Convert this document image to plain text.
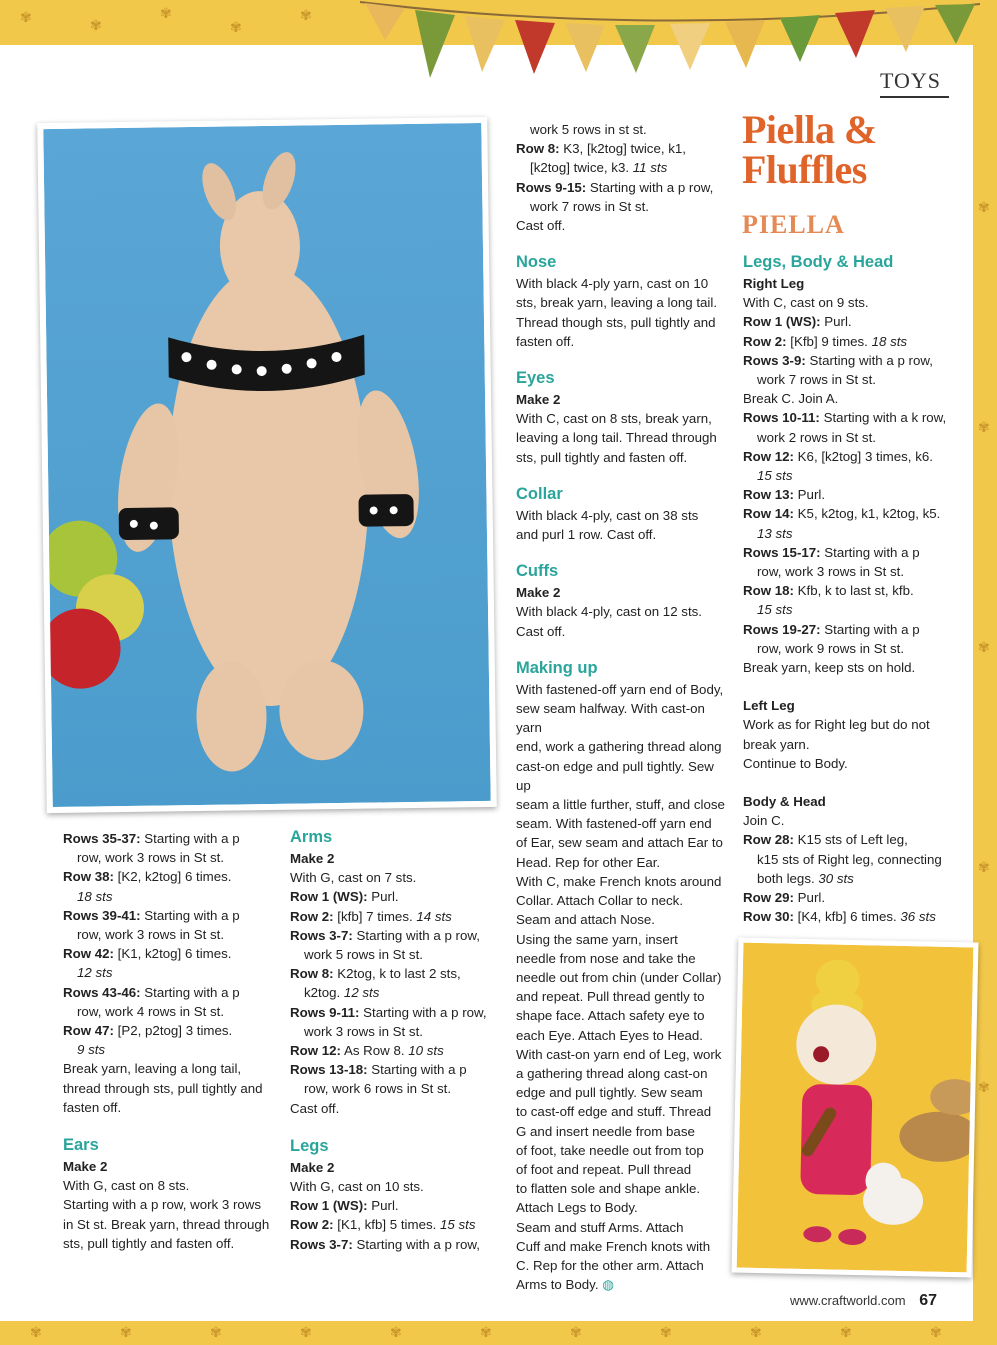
✾	✾
✾
✾
✾
✾	✾	✾	✾	✾	✾	✾	✾	✾	✾	✾
✾
✾
✾
✾
✾
TOYS
Piella &
Fluffles
PIELLA

Rows 35-37: Starting with a p

row, work 3 rows in St st.

Row 38: [K2, k2tog] 6 times.

18 sts

Rows 39-41: Starting with a p

row, work 3 rows in St st.

Row 42: [K1, k2tog] 6 times.

12 sts

Rows 43-46: Starting with a p

row, work 4 rows in St st.

Row 47: [P2, p2tog] 3 times.

9 sts

Break yarn, leaving a long tail,

thread through sts, pull tightly and

fasten off.

Ears

Make 2

With G, cast on 8 sts.

Starting with a p row, work 3 rows

in St st. Break yarn, thread through

sts, pull tightly and fasten off.

Arms

Make 2

With G, cast on 7 sts.

Row 1 (WS): Purl.

Row 2: [kfb] 7 times. 14 sts

Rows 3-7: Starting with a p row,

work 5 rows in St st.

Row 8: K2tog, k to last 2 sts,

k2tog. 12 sts

Rows 9-11: Starting with a p row,

work 3 rows in St st.

Row 12: As Row 8. 10 sts

Rows 13-18: Starting with a p

row, work 6 rows in St st.

Cast off.

Legs

Make 2

With G, cast on 10 sts.

Row 1 (WS): Purl.

Row 2: [K1, kfb] 5 times. 15 sts

Rows 3-7: Starting with a p row,

work 5 rows in st st.

Row 8: K3, [k2tog] twice, k1,

[k2tog] twice, k3. 11 sts

Rows 9-15: Starting with a p row,

work 7 rows in St st.

Cast off.

Nose

With black 4-ply yarn, cast on 10

sts, break yarn, leaving a long tail.

Thread though sts, pull tightly and

fasten off.

Eyes

Make 2

With C, cast on 8 sts, break yarn,

leaving a long tail. Thread through

sts, pull tightly and fasten off.

Collar

With black 4-ply, cast on 38 sts

and purl 1 row. Cast off.

Cuffs

Make 2

With black 4-ply, cast on 12 sts.

Cast off.

Making up

With fastened-off yarn end of Body,

sew seam halfway. With cast-on yarn

end, work a gathering thread along

cast-on edge and pull tightly. Sew up

seam a little further, stuff, and close

seam. With fastened-off yarn end

of Ear, sew seam and attach Ear to

Head. Rep for other Ear.

With C, make French knots around

Collar. Attach Collar to neck.

Seam and attach Nose.

Using the same yarn, insert

needle from nose and take the

needle out from chin (under Collar)

and repeat. Pull thread gently to

shape face. Attach safety eye to

each Eye. Attach Eyes to Head.

With cast-on yarn end of Leg, work

a gathering thread along cast-on

edge and pull tightly. Sew seam

to cast-off edge and stuff. Thread

G and insert needle from base

of foot, take needle out from top

of foot and repeat. Pull thread

to flatten sole and shape ankle.

Attach Legs to Body.

Seam and stuff Arms. Attach

Cuff and make French knots with

C. Rep for the other arm. Attach

Arms to Body. ◍

Legs, Body & Head

Right Leg

With C, cast on 9 sts.

Row 1 (WS): Purl.

Row 2: [Kfb] 9 times. 18 sts

Rows 3-9: Starting with a p row,

work 7 rows in St st.

Break C. Join A.

Rows 10-11: Starting with a k row,

work 2 rows in St st.

Row 12: K6, [k2tog] 3 times, k6.

15 sts

Row 13: Purl.

Row 14: K5, k2tog, k1, k2tog, k5.

13 sts

Rows 15-17: Starting with a p

row, work 3 rows in St st.

Row 18: Kfb, k to last st, kfb.

15 sts

Rows 19-27: Starting with a p

row, work 9 rows in St st.

Break yarn, keep sts on hold.

Left Leg

Work as for Right leg but do not

break yarn.

Continue to Body.

Body & Head

Join C.

Row 28: K15 sts of Left leg,

k15 sts of Right leg, connecting

both legs. 30 sts

Row 29: Purl.

Row 30: [K4, kfb] 6 times. 36 sts

www.craftworld.com 67
